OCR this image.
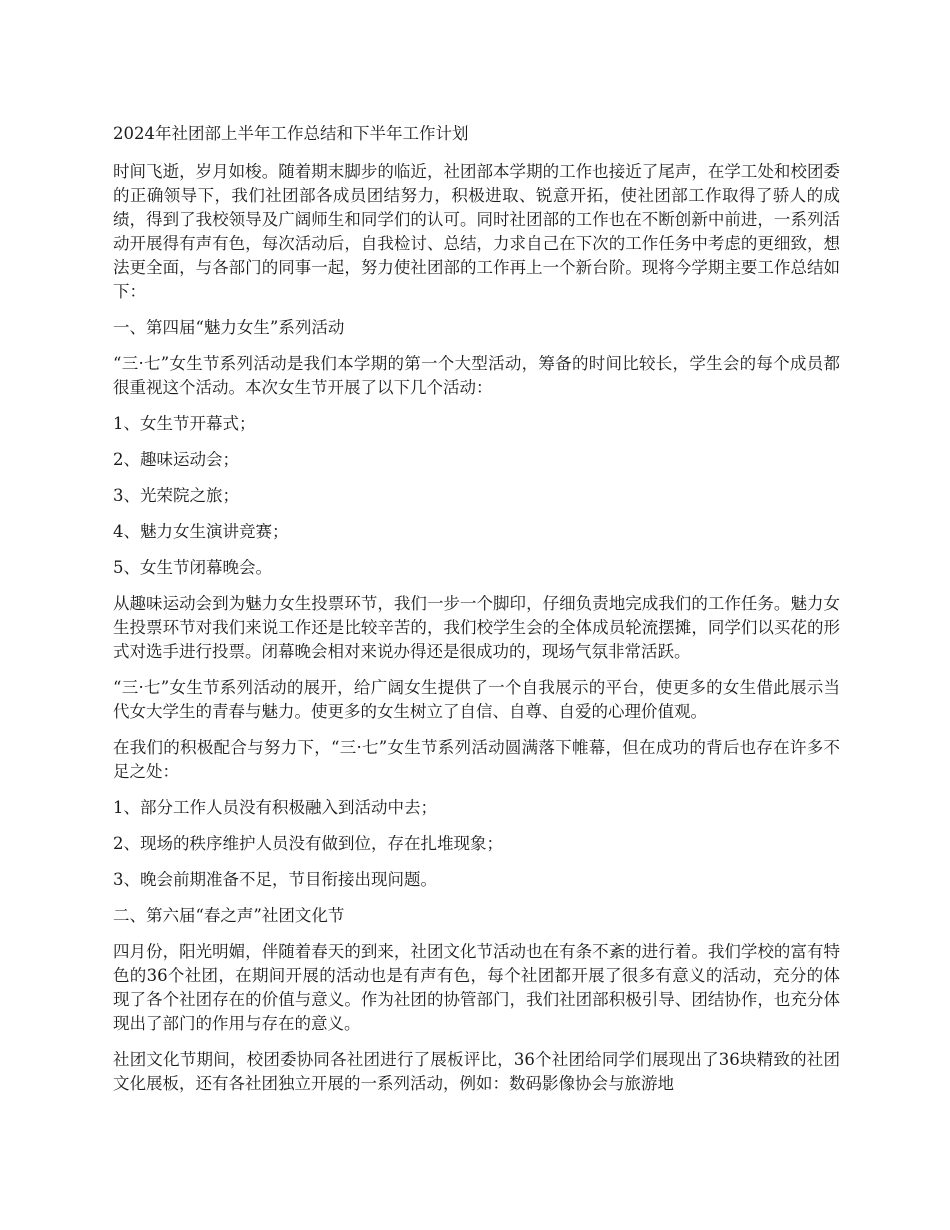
2024年社团部上半年工作总结和下半年工作计划

时间飞逝，岁月如梭。随着期末脚步的临近，社团部本学期的工作也接近了尾声，在学工处和校团委的正确领导下，我们社团部各成员团结努力，积极进取、锐意开拓，使社团部工作取得了骄人的成绩，得到了我校领导及广阔师生和同学们的认可。同时社团部的工作也在不断创新中前进，一系列活动开展得有声有色，每次活动后，自我检讨、总结，力求自己在下次的工作任务中考虑的更细致，想法更全面，与各部门的同事一起，努力使社团部的工作再上一个新台阶。现将今学期主要工作总结如下：

一、第四届“魅力女生”系列活动

“三·七”女生节系列活动是我们本学期的第一个大型活动，筹备的时间比较长，学生会的每个成员都很重视这个活动。本次女生节开展了以下几个活动：

1、女生节开幕式；

2、趣味运动会；

3、光荣院之旅；

4、魅力女生演讲竞赛；

5、女生节闭幕晚会。

从趣味运动会到为魅力女生投票环节，我们一步一个脚印，仔细负责地完成我们的工作任务。魅力女生投票环节对我们来说工作还是比较辛苦的，我们校学生会的全体成员轮流摆摊，同学们以买花的形式对选手进行投票。闭幕晚会相对来说办得还是很成功的，现场气氛非常活跃。

“三·七”女生节系列活动的展开，给广阔女生提供了一个自我展示的平台，使更多的女生借此展示当代女大学生的青春与魅力。使更多的女生树立了自信、自尊、自爱的心理价值观。

在我们的积极配合与努力下，“三·七”女生节系列活动圆满落下帷幕，但在成功的背后也存在许多不足之处：

1、部分工作人员没有积极融入到活动中去；

2、现场的秩序维护人员没有做到位，存在扎堆现象；

3、晚会前期准备不足，节目衔接出现问题。

二、第六届“春之声”社团文化节

四月份，阳光明媚，伴随着春天的到来，社团文化节活动也在有条不紊的进行着。我们学校的富有特色的36个社团，在期间开展的活动也是有声有色，每个社团都开展了很多有意义的活动，充分的体现了各个社团存在的价值与意义。作为社团的协管部门，我们社团部积极引导、团结协作，也充分体现出了部门的作用与存在的意义。

社团文化节期间，校团委协同各社团进行了展板评比，36个社团给同学们展现出了36块精致的社团文化展板，还有各社团独立开展的一系列活动，例如：数码影像协会与旅游地
